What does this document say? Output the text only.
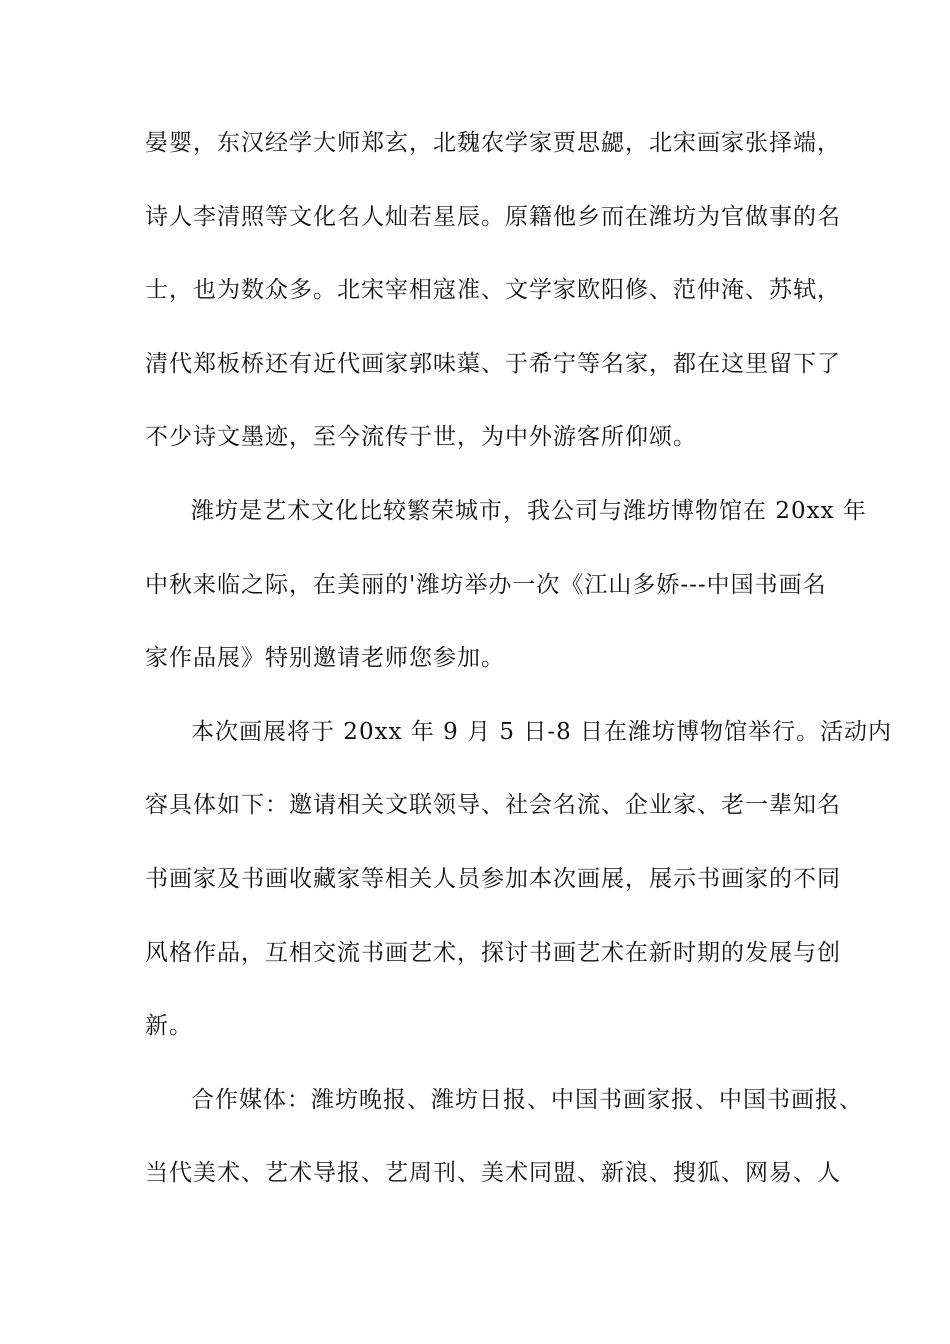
晏婴，东汉经学大师郑玄，北魏农学家贾思勰，北宋画家张择端，
诗人李清照等文化名人灿若星辰。原籍他乡而在潍坊为官做事的名
士，也为数众多。北宋宰相寇准、文学家欧阳修、范仲淹、苏轼，
清代郑板桥还有近代画家郭味蕖、于希宁等名家，都在这里留下了
不少诗文墨迹，至今流传于世，为中外游客所仰颂。
潍坊是艺术文化比较繁荣城市，我公司与潍坊博物馆在 20xx 年
中秋来临之际，在美丽的'潍坊举办一次《江山多娇---中国书画名
家作品展》特别邀请老师您参加。
本次画展将于 20xx 年 9 月 5 日-8 日在潍坊博物馆举行。活动内
容具体如下：邀请相关文联领导、社会名流、企业家、老一辈知名
书画家及书画收藏家等相关人员参加本次画展，展示书画家的不同
风格作品，互相交流书画艺术，探讨书画艺术在新时期的发展与创
新。
合作媒体：潍坊晚报、潍坊日报、中国书画家报、中国书画报、
当代美术、艺术导报、艺周刊、美术同盟、新浪、搜狐、网易、人
